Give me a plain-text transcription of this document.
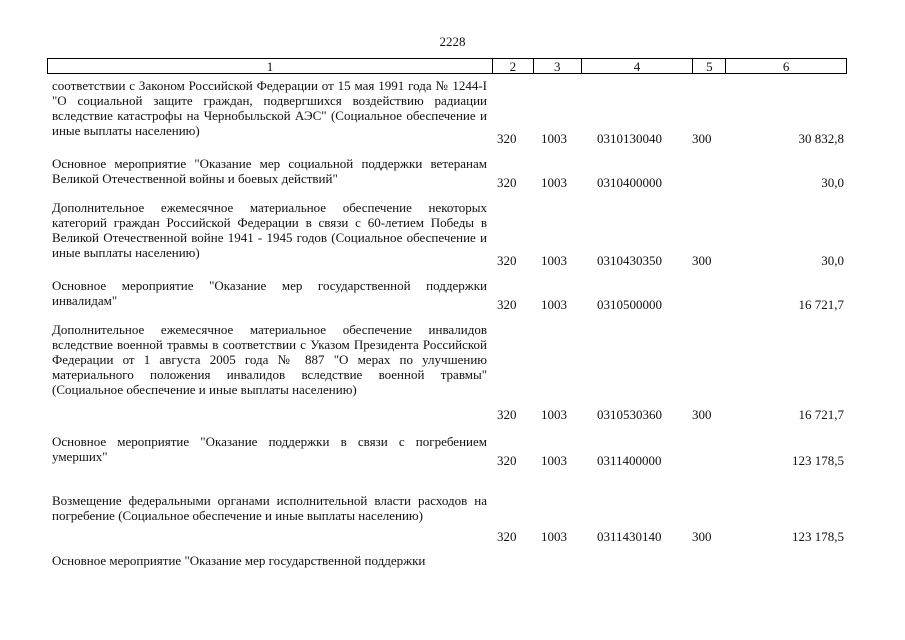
2228
1	2	3	4	5	6
соответствии с Законом Российской Федерации от 15 мая 1991 года № 1244-I "О социальной защите граждан, подвергшихся воздействию радиации вследствие катастрофы на Чернобыльской АЭС" (Социальное обеспечение и иные выплаты населению)
320 1003 0310130040 300	30 832,8
Основное мероприятие "Оказание мер социальной поддержки ветеранам Великой Отечественной войны и боевых действий"	320 1003 0310400000	30,0
Дополнительное ежемесячное материальное обеспечение некоторых категорий граждан Российской Федерации в связи с 60-летием Победы в Великой Отечественной войне 1941 - 1945 годов (Социальное обеспечение и иные выплаты населению)
320 1003 0310430350 300	30,0
Основное мероприятие "Оказание мер государственной поддержки инвалидам"	320 1003 0310500000	16 721,7
Дополнительное ежемесячное материальное обеспечение инвалидов вследствие военной травмы в соответствии с Указом Президента Российской Федерации от 1 августа 2005 года № 887 "О мерах по улучшению материального положения инвалидов вследствие военной травмы" (Социальное обеспечение и иные выплаты населению)
320 1003 0310530360 300	16 721,7
Основное мероприятие "Оказание поддержки в связи с погребением умерших"	320 1003 0311400000	123 178,5
Возмещение федеральными органами исполнительной власти расходов на погребение (Социальное обеспечение и иные выплаты населению)
320 1003 0311430140 300	123 178,5
Основное мероприятие "Оказание мер государственной поддержки
